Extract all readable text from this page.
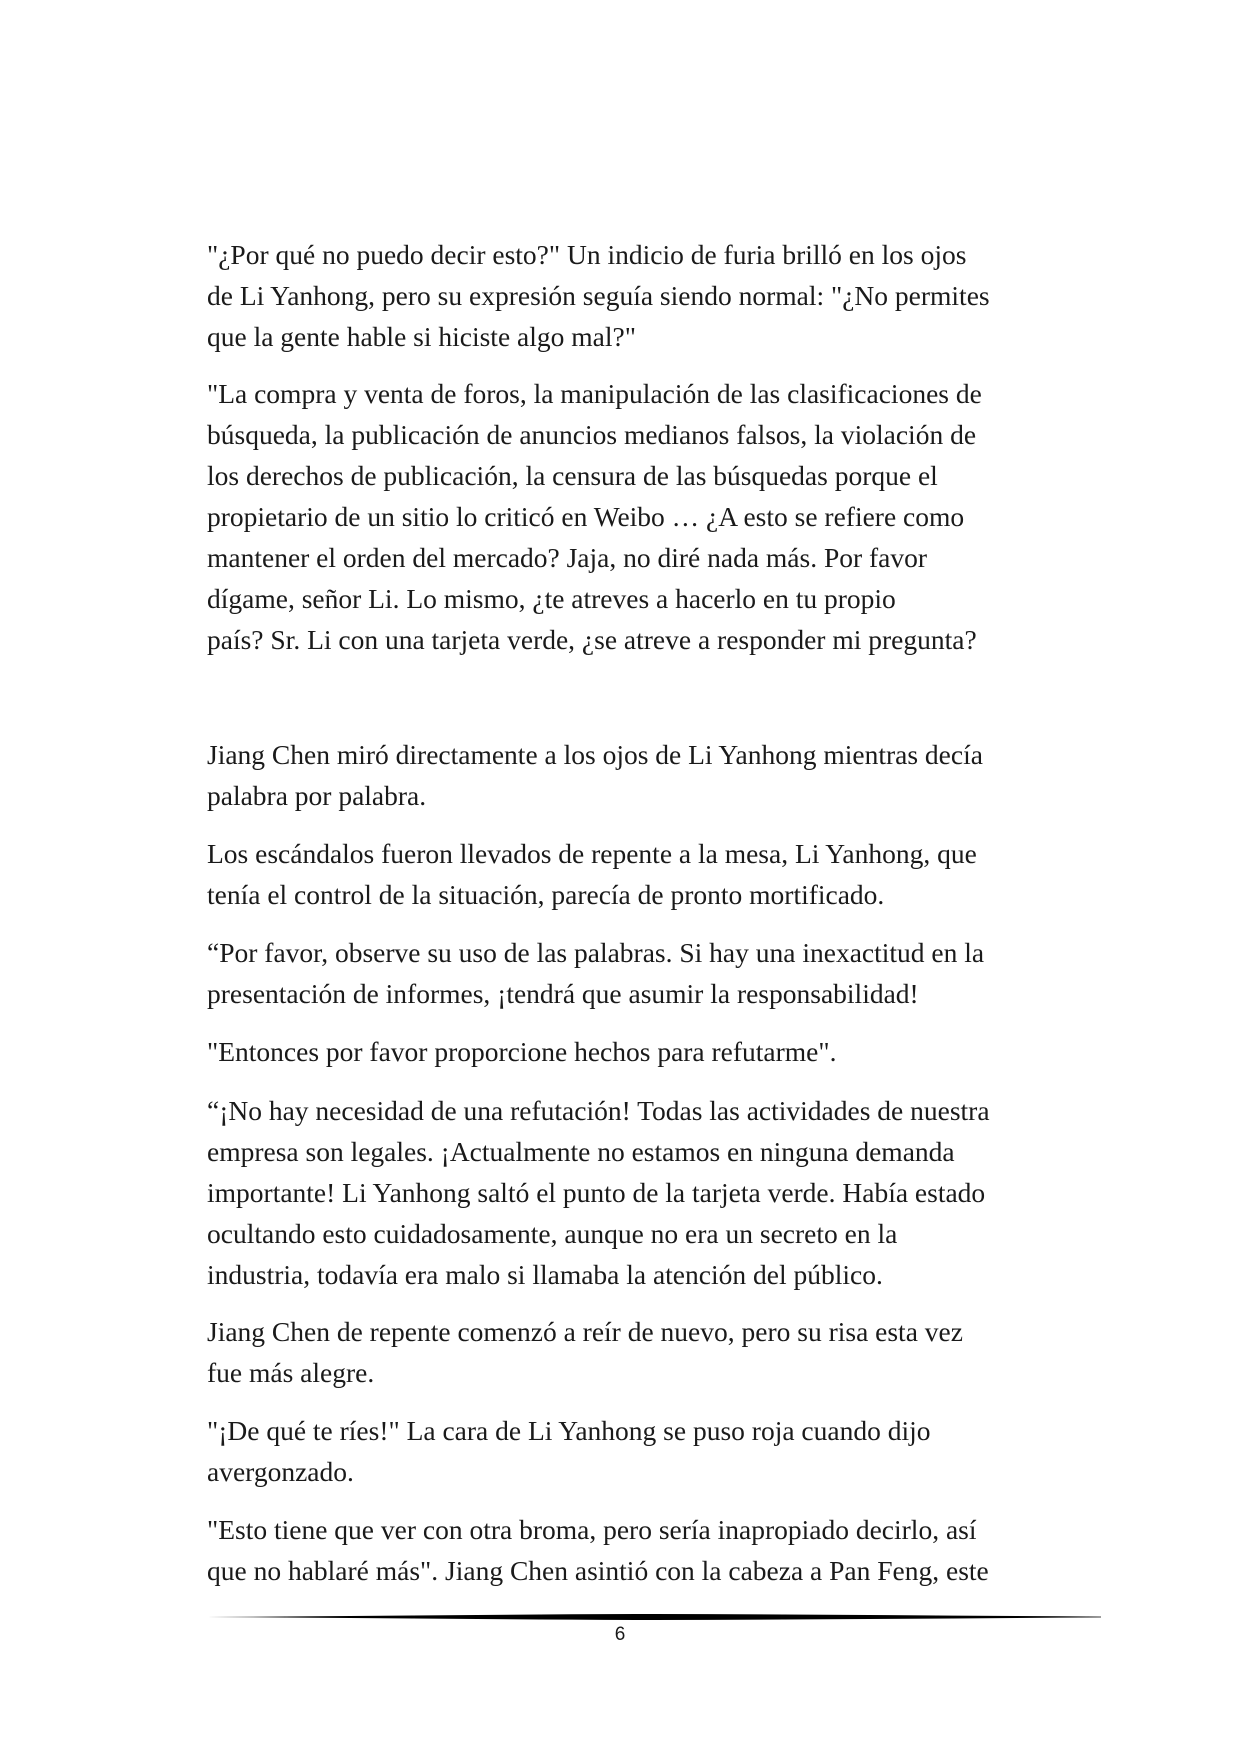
"¿Por qué no puedo decir esto?" Un indicio de furia brilló en los ojos
de Li Yanhong, pero su expresión seguía siendo normal: "¿No permites
que la gente hable si hiciste algo mal?"
"La compra y venta de foros, la manipulación de las clasificaciones de
búsqueda, la publicación de anuncios medianos falsos, la violación de
los derechos de publicación, la censura de las búsquedas porque el
propietario de un sitio lo criticó en Weibo … ¿A esto se refiere como
mantener el orden del mercado? Jaja, no diré nada más. Por favor
dígame, señor Li. Lo mismo, ¿te atreves a hacerlo en tu propio
país? Sr. Li con una tarjeta verde, ¿se atreve a responder mi pregunta?
Jiang Chen miró directamente a los ojos de Li Yanhong mientras decía
palabra por palabra.
Los escándalos fueron llevados de repente a la mesa, Li Yanhong, que
tenía el control de la situación, parecía de pronto mortificado.
“Por favor, observe su uso de las palabras. Si hay una inexactitud en la
presentación de informes, ¡tendrá que asumir la responsabilidad!
"Entonces por favor proporcione hechos para refutarme".
“¡No hay necesidad de una refutación! Todas las actividades de nuestra
empresa son legales. ¡Actualmente no estamos en ninguna demanda
importante! Li Yanhong saltó el punto de la tarjeta verde. Había estado
ocultando esto cuidadosamente, aunque no era un secreto en la
industria, todavía era malo si llamaba la atención del público.
Jiang Chen de repente comenzó a reír de nuevo, pero su risa esta vez
fue más alegre.
"¡De qué te ríes!" La cara de Li Yanhong se puso roja cuando dijo
avergonzado.
"Esto tiene que ver con otra broma, pero sería inapropiado decirlo, así
que no hablaré más". Jiang Chen asintió con la cabeza a Pan Feng, este
6
